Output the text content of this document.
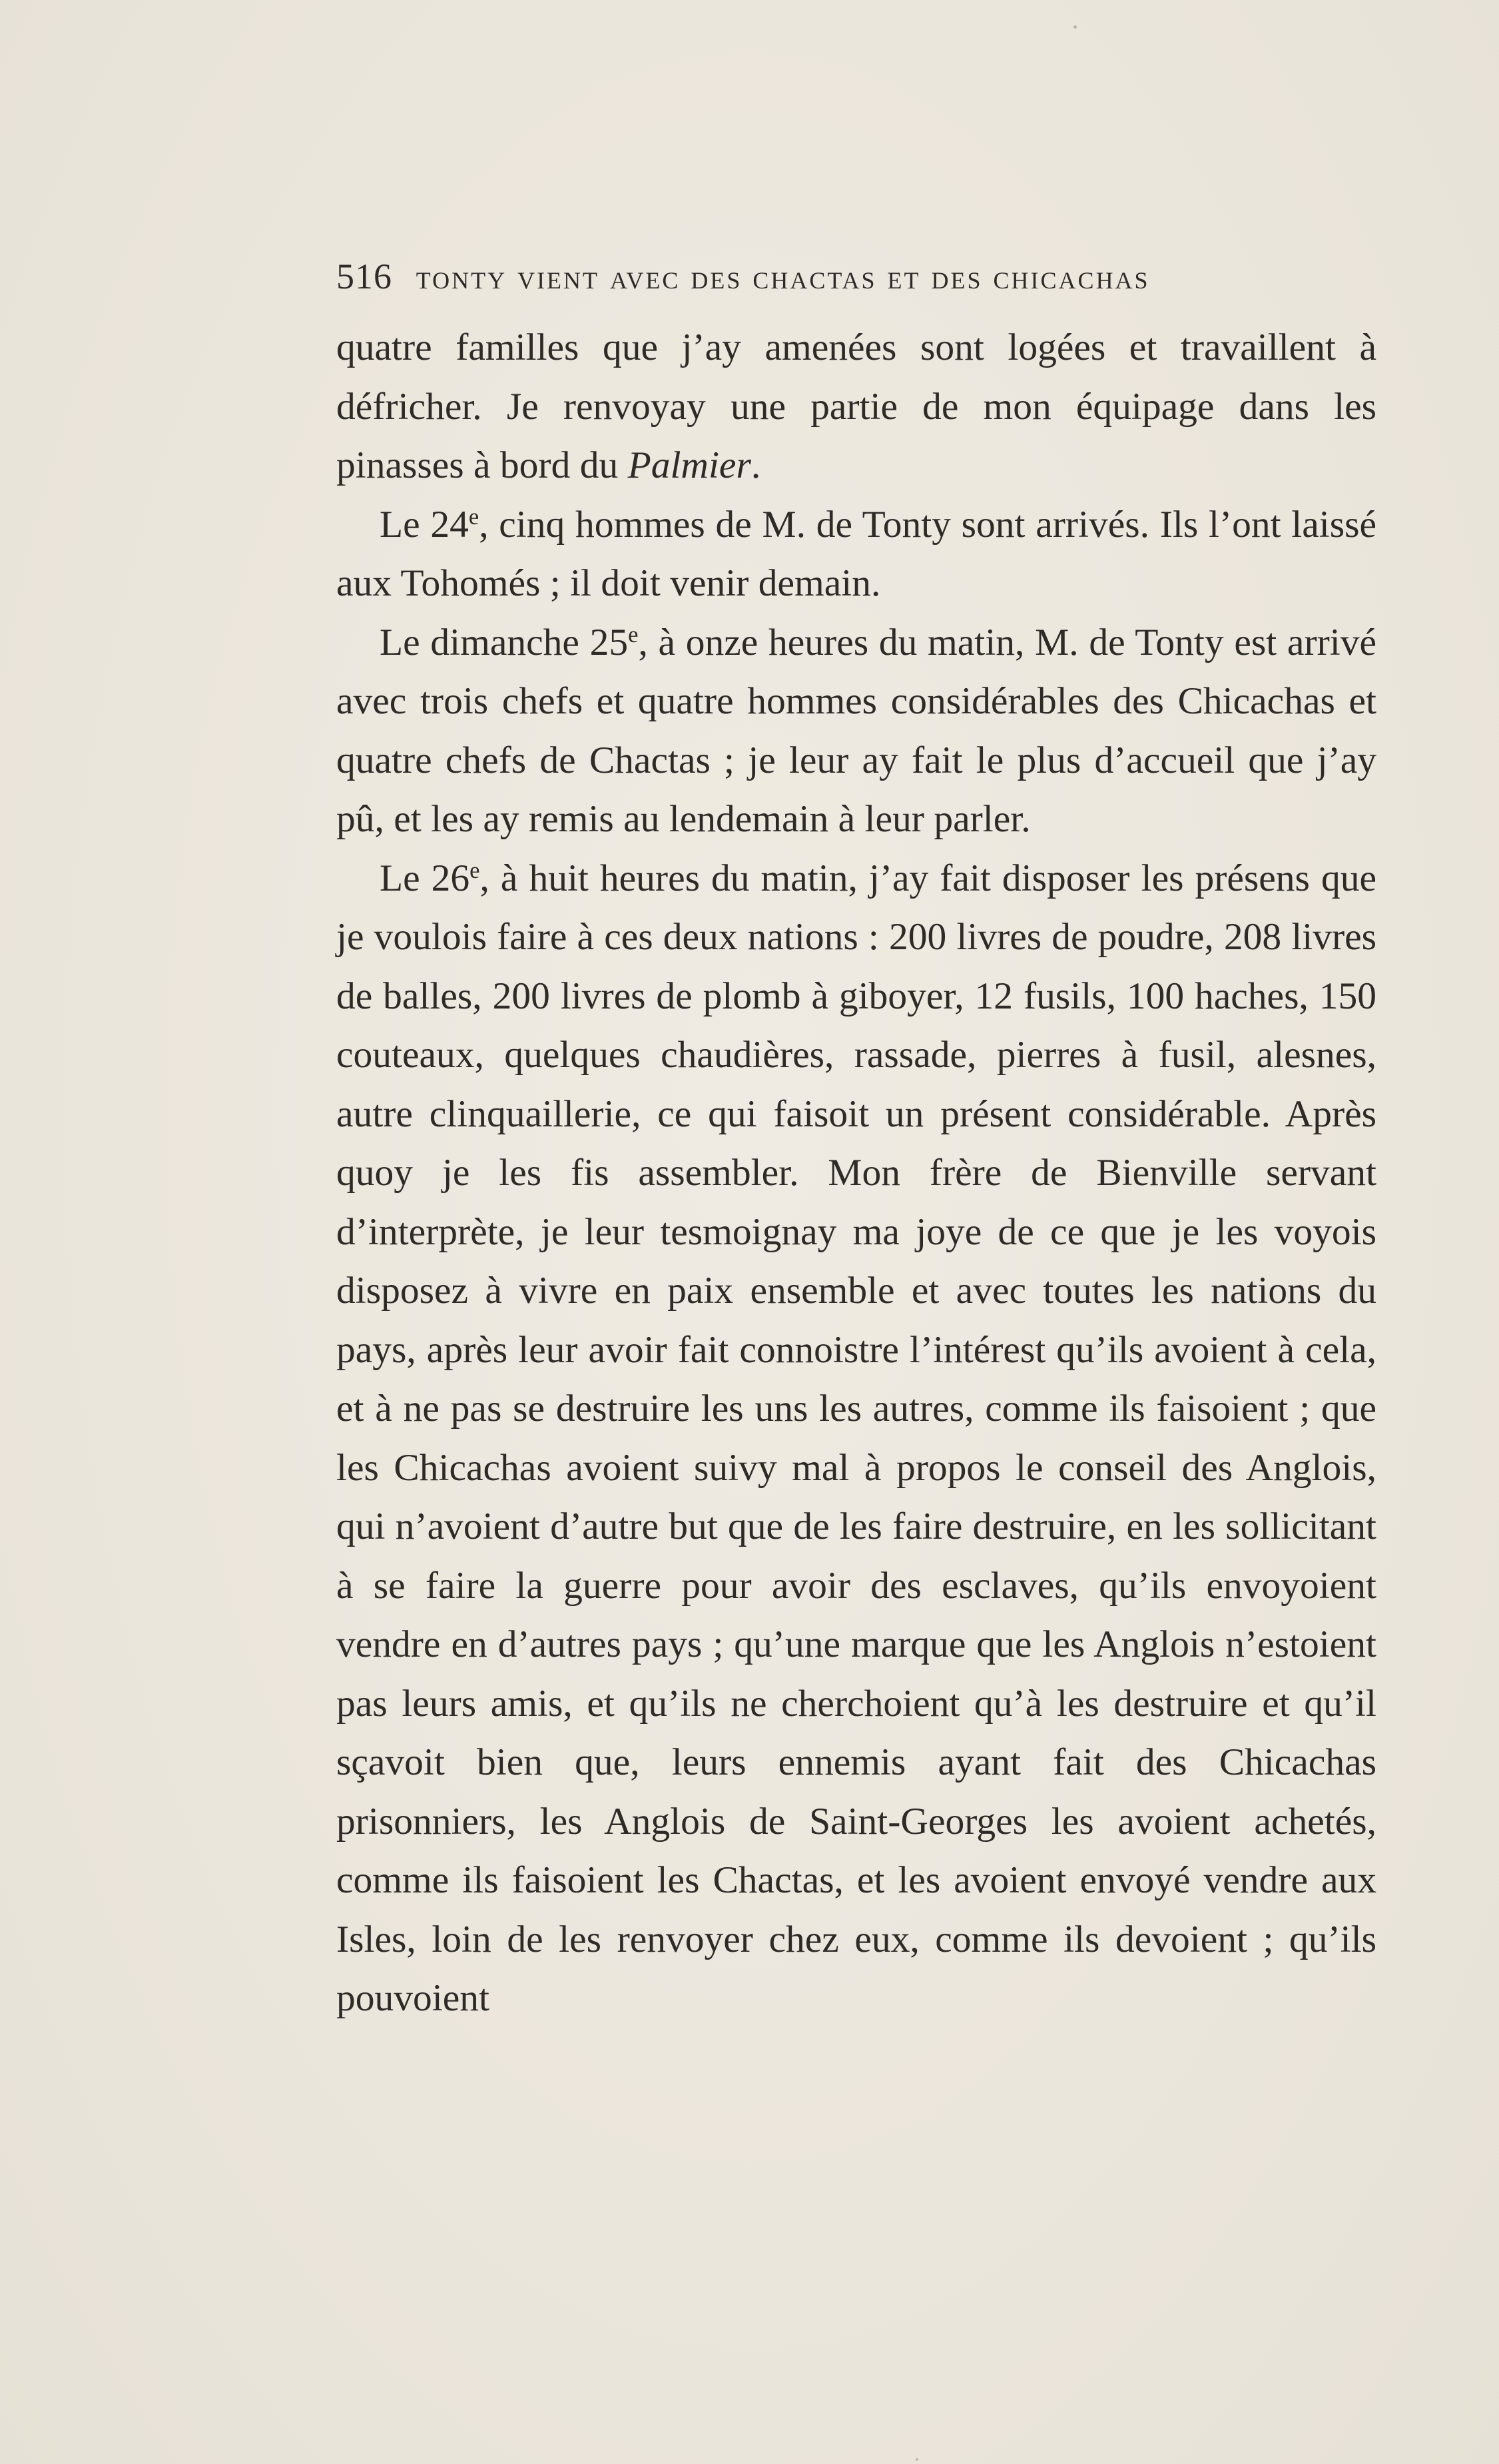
516 tonty vient avec des chactas et des chicachas

quatre familles que j’ay amenées sont logées et travaillent à défricher. Je renvoyay une partie de mon équipage dans les pinasses à bord du Palmier.

Le 24e, cinq hommes de M. de Tonty sont arrivés. Ils l’ont laissé aux Tohomés ; il doit venir demain.

Le dimanche 25e, à onze heures du matin, M. de Tonty est arrivé avec trois chefs et quatre hommes considérables des Chicachas et quatre chefs de Chactas ; je leur ay fait le plus d’accueil que j’ay pû, et les ay remis au lendemain à leur parler.

Le 26e, à huit heures du matin, j’ay fait disposer les présens que je voulois faire à ces deux nations : 200 livres de poudre, 208 livres de balles, 200 livres de plomb à giboyer, 12 fusils, 100 haches, 150 couteaux, quelques chaudières, rassade, pierres à fusil, alesnes, autre clinquaillerie, ce qui faisoit un présent considérable. Après quoy je les fis assembler. Mon frère de Bienville servant d’interprète, je leur tesmoignay ma joye de ce que je les voyois disposez à vivre en paix ensemble et avec toutes les nations du pays, après leur avoir fait connoistre l’intérest qu’ils avoient à cela, et à ne pas se destruire les uns les autres, comme ils faisoient ; que les Chicachas avoient suivy mal à propos le conseil des Anglois, qui n’avoient d’autre but que de les faire destruire, en les sollicitant à se faire la guerre pour avoir des esclaves, qu’ils envoyoient vendre en d’autres pays ; qu’une marque que les Anglois n’estoient pas leurs amis, et qu’ils ne cherchoient qu’à les destruire et qu’il sçavoit bien que, leurs ennemis ayant fait des Chicachas prisonniers, les Anglois de Saint-Georges les avoient achetés, comme ils faisoient les Chactas, et les avoient envoyé vendre aux Isles, loin de les renvoyer chez eux, comme ils devoient ; qu’ils pouvoient
